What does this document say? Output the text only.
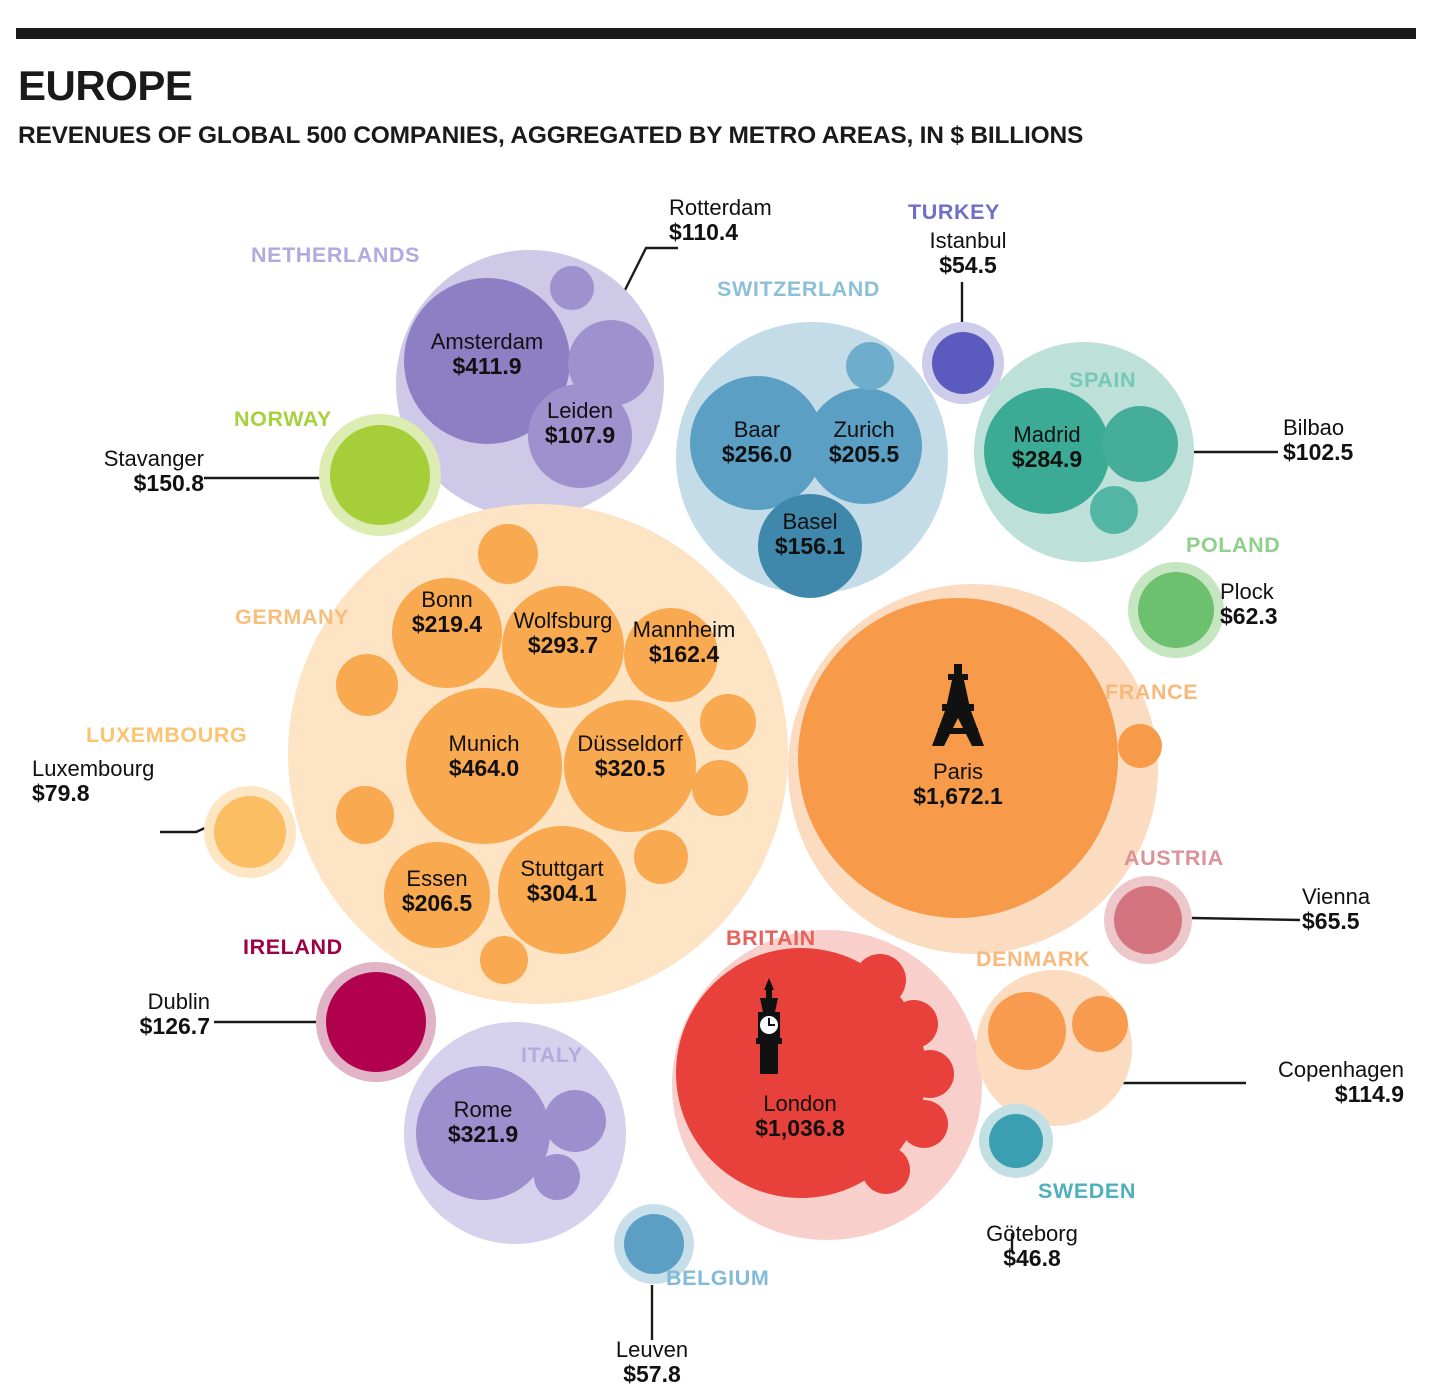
EUROPE
REVENUES OF GLOBAL 500 COMPANIES, AGGREGATED BY METRO AREAS, IN $ BILLIONS
NETHERLANDS
Amsterdam
$411.9
Rotterdam
$110.4
Leiden
$107.9
NORWAY
Stavanger
$150.8
SWITZERLAND
Baar
$256.0
Zurich
$205.5
Basel
$156.1
TURKEY
Istanbul
$54.5
SPAIN
Madrid
$284.9
Bilbao
$102.5
POLAND
Plock
$62.3
GERMANY
Munich
$464.0
Düsseldorf
$320.5
Stuttgart
$304.1
Wolfsburg
$293.7
Bonn
$219.4
Essen
$206.5
Mannheim
$162.4
FRANCE
Paris
$1,672.1
LUXEMBOURG
Luxembourg
$79.8
AUSTRIA
Vienna
$65.5
IRELAND
Dublin
$126.7
BRITAIN
London
$1,036.8
DENMARK
Copenhagen
$114.9
ITALY
Rome
$321.9
SWEDEN
Göteborg
$46.8
BELGIUM
Leuven
$57.8
